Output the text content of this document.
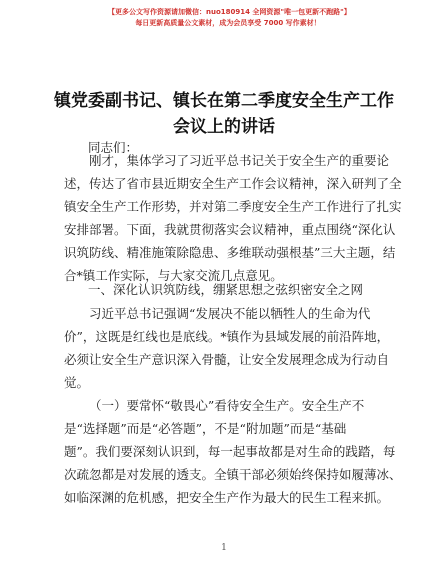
【更多公文写作资源请加微信：nuo180914 全网资源"唯一包更新不跑路"】
每日更新高质量公文素材，成为会员享受 7000 写作素材！
镇党委副书记、镇长在第二季度安全生产工作
会议上的讲话
同志们：
刚才，集体学习了习近平总书记关于安全生产的重要论
述，传达了省市县近期安全生产工作会议精神，深入研判了全
镇安全生产工作形势，并对第二季度安全生产工作进行了扎实
安排部署。下面，我就贯彻落实会议精神，重点围绕“深化认
识筑防线、精准施策除隐患、多维联动强根基”三大主题，结
合*镇工作实际，与大家交流几点意见。
一、深化认识筑防线，绷紧思想之弦织密安全之网
习近平总书记强调“发展决不能以牺牲人的生命为代
价”，这既是红线也是底线。*镇作为县域发展的前沿阵地，
必须让安全生产意识深入骨髓，让安全发展理念成为行动自
觉。
（一）要常怀“敬畏心”看待安全生产。安全生产不
是“选择题”而是“必答题”，不是“附加题”而是“基础
题”。我们要深刻认识到，每一起事故都是对生命的践踏，每
次疏忽都是对发展的透支。全镇干部必须始终保持如履薄冰、
如临深渊的危机感，把安全生产作为最大的民生工程来抓。
1
